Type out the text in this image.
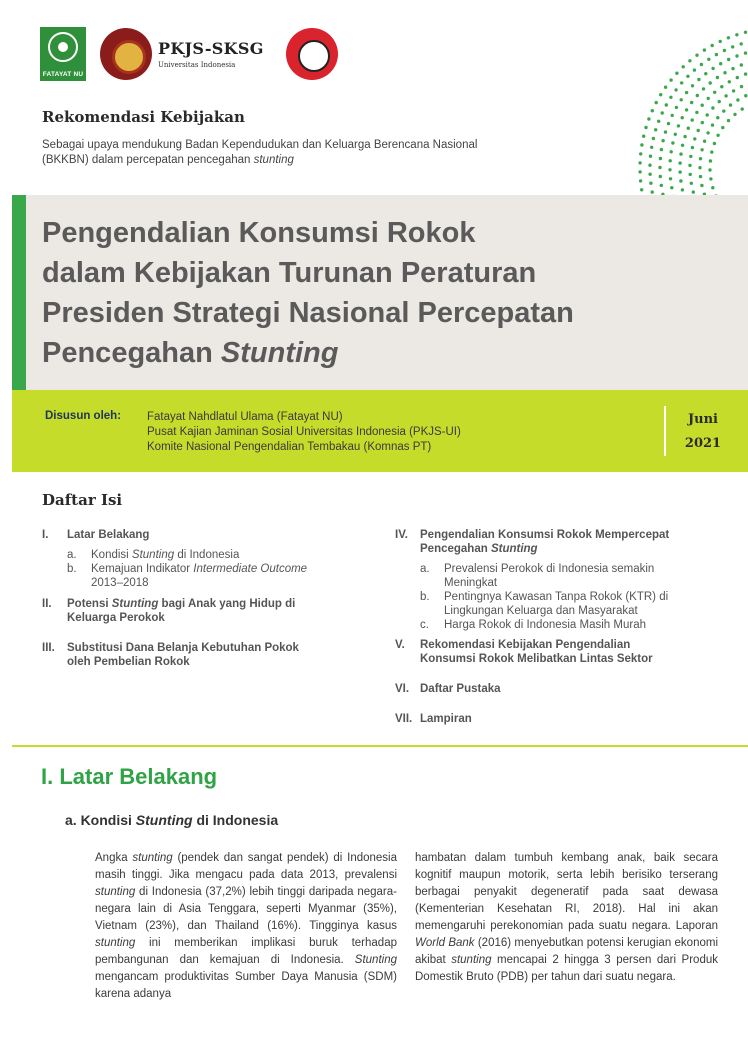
FATAYAT NU
PKJS-SKSG
Universitas Indonesia
Rekomendasi Kebijakan
Sebagai upaya mendukung Badan Kependudukan dan Keluarga Berencana Nasional
(BKKBN) dalam percepatan pencegahan stunting
Pengendalian Konsumsi Rokok
dalam Kebijakan Turunan Peraturan
Presiden Strategi Nasional Percepatan
Pencegahan Stunting
Disusun oleh: Fatayat Nahdlatul Ulama (Fatayat NU)
Pusat Kajian Jaminan Sosial Universitas Indonesia (PKJS-UI)
Komite Nasional Pengendalian Tembakau (Komnas PT)
Juni
2021
Daftar Isi
I.	Latar Belakang
a.	Kondisi Stunting di Indonesia
b.	Kemajuan Indikator Intermediate Outcome
2013–2018
II.	Potensi Stunting bagi Anak yang Hidup di
Keluarga Perokok
III.	Substitusi Dana Belanja Kebutuhan Pokok
oleh Pembelian Rokok
IV.	Pengendalian Konsumsi Rokok Mempercepat
Pencegahan Stunting
a.	Prevalensi Perokok di Indonesia semakin
Meningkat
b.	Pentingnya Kawasan Tanpa Rokok (KTR) di
Lingkungan Keluarga dan Masyarakat
c.	Harga Rokok di Indonesia Masih Murah
V.	Rekomendasi Kebijakan Pengendalian
Konsumsi Rokok Melibatkan Lintas Sektor
VI. Daftar Pustaka
VII. Lampiran
I. Latar Belakang
a. Kondisi Stunting di Indonesia
Angka stunting (pendek dan sangat pendek) di Indonesia masih tinggi. Jika mengacu pada data 2013, prevalensi stunting di Indonesia (37,2%) lebih tinggi daripada negara-negara lain di Asia Tenggara, seperti Myanmar (35%), Vietnam (23%), dan Thailand (16%). Tingginya kasus stunting ini memberikan implikasi buruk terhadap pembangunan dan kemajuan di Indonesia. Stunting mengancam produktivitas Sumber Daya Manusia (SDM) karena adanya
hambatan dalam tumbuh kembang anak, baik secara kognitif maupun motorik, serta lebih berisiko terserang berbagai penyakit degeneratif pada saat dewasa (Kementerian Kesehatan RI, 2018). Hal ini akan memengaruhi perekonomian pada suatu negara. Laporan World Bank (2016) menyebutkan potensi kerugian ekonomi akibat stunting mencapai 2 hingga 3 persen dari Produk Domestik Bruto (PDB) per tahun dari suatu negara.
